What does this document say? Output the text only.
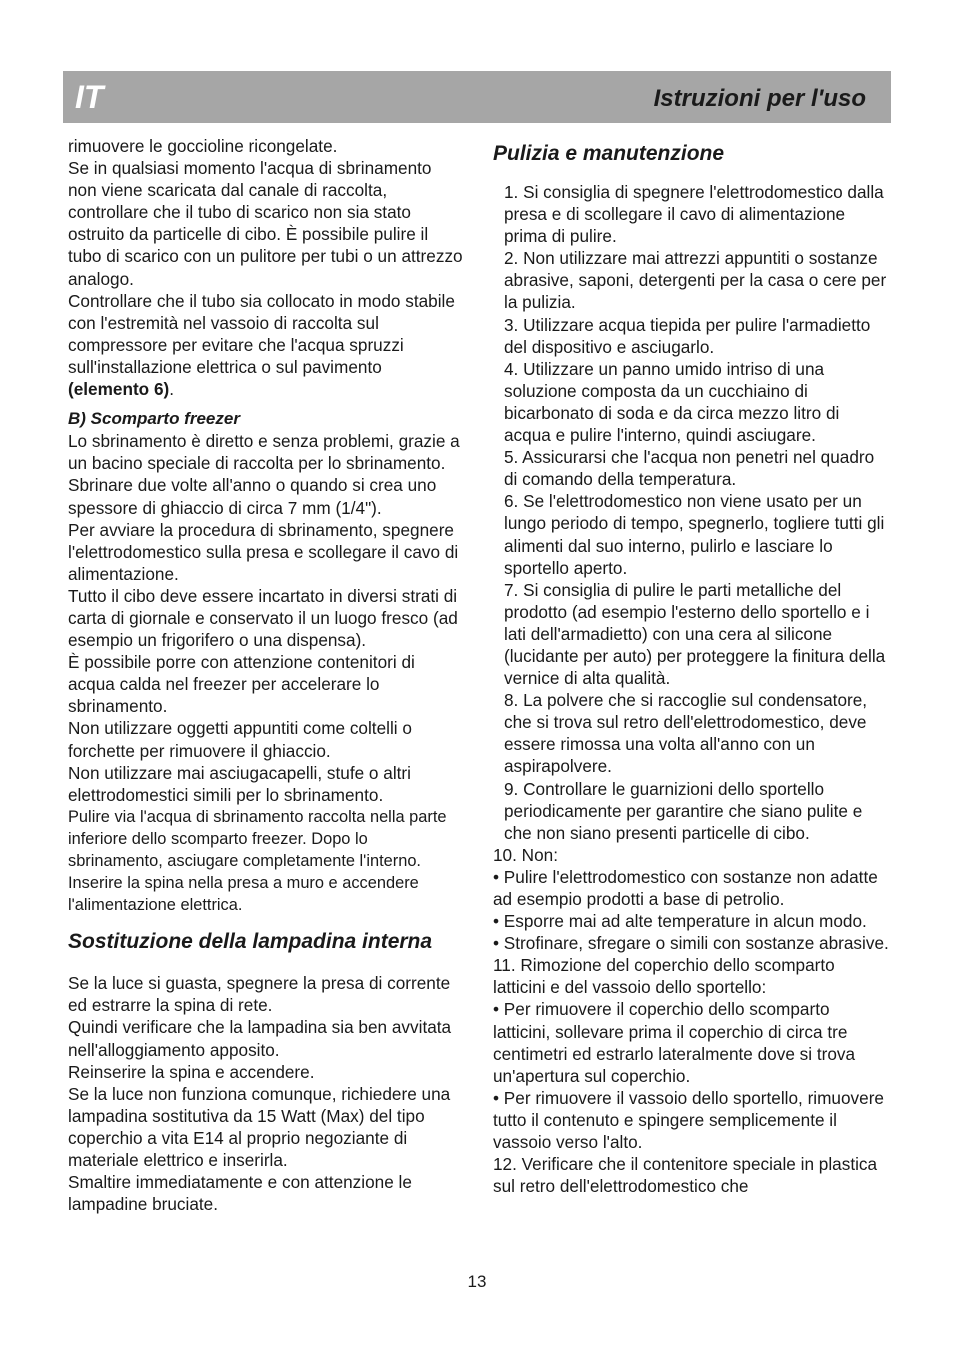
IT	Istruzioni per l'uso

rimuovere le goccioline ricongelate.

Se in qualsiasi momento l'acqua di sbrinamento non viene scaricata dal canale di raccolta, controllare che il tubo di scarico non sia stato ostruito da particelle di cibo. È possibile pulire il tubo di scarico con un pulitore per tubi o un attrezzo analogo.

Controllare che il tubo sia collocato in modo stabile con l'estremità nel vassoio di raccolta sul compressore per evitare che l'acqua spruzzi sull'installazione elettrica o sul pavimento (elemento 6).

B) Scomparto freezer

Lo sbrinamento è diretto e senza problemi, grazie a un bacino speciale di raccolta per lo sbrinamento.

Sbrinare due volte all'anno o quando si crea uno spessore di ghiaccio di circa 7 mm (1/4").

Per avviare la procedura di sbrinamento, spegnere l'elettrodomestico sulla presa e scollegare il cavo di alimentazione.

Tutto il cibo deve essere incartato in diversi strati di carta di giornale e conservato il un luogo fresco (ad esempio un frigorifero o una dispensa).

È possibile porre con attenzione contenitori di acqua calda nel freezer per accelerare lo sbrinamento.

Non utilizzare oggetti appuntiti come coltelli o forchette per rimuovere il ghiaccio.

Non utilizzare mai asciugacapelli, stufe o altri elettrodomestici simili per lo sbrinamento.

Pulire via l'acqua di sbrinamento raccolta nella parte inferiore dello scomparto freezer. Dopo lo sbrinamento, asciugare completamente l'interno. Inserire la spina nella presa a muro e accendere l'alimentazione elettrica.

Sostituzione della lampadina interna

Se la luce si guasta, spegnere la presa di corrente ed estrarre la spina di rete.

Quindi verificare che la lampadina sia ben avvitata nell'alloggiamento apposito.

Reinserire la spina e accendere.

Se la luce non funziona comunque, richiedere una lampadina sostitutiva da 15 Watt (Max) del tipo coperchio a vita E14 al proprio negoziante di materiale elettrico e inserirla.

Smaltire immediatamente e con attenzione le lampadine bruciate.

Pulizia e manutenzione

1. Si consiglia di spegnere l'elettrodomestico dalla presa e di scollegare il cavo di alimentazione prima di pulire.

2. Non utilizzare mai attrezzi appuntiti o sostanze abrasive, saponi, detergenti per la casa o cere per la pulizia.

3. Utilizzare acqua tiepida per pulire l'armadietto del dispositivo e asciugarlo.

4. Utilizzare un panno umido intriso di una soluzione composta da un cucchiaino di bicarbonato di soda e da circa mezzo litro di acqua e pulire l'interno, quindi asciugare.

5. Assicurarsi che l'acqua non penetri nel quadro di comando della temperatura.

6. Se l'elettrodomestico non viene usato per un lungo periodo di tempo, spegnerlo, togliere tutti gli alimenti dal suo interno, pulirlo e lasciare lo sportello aperto.

7. Si consiglia di pulire le parti metalliche del prodotto (ad esempio l'esterno dello sportello e i lati dell'armadietto) con una cera al silicone (lucidante per auto) per proteggere la finitura della vernice di alta qualità.

8. La polvere che si raccoglie sul condensatore, che si trova sul retro dell'elettrodomestico, deve essere rimossa una volta all'anno con un aspirapolvere.

9. Controllare le guarnizioni dello sportello periodicamente per garantire che siano pulite e che non siano presenti particelle di cibo.

10. Non:

• Pulire l'elettrodomestico con sostanze non adatte ad esempio prodotti a base di petrolio.

• Esporre mai ad alte temperature in alcun modo.

• Strofinare, sfregare o simili con sostanze abrasive.

11. Rimozione del coperchio dello scomparto latticini e del vassoio dello sportello:

• Per rimuovere il coperchio dello scomparto latticini, sollevare prima il coperchio di circa tre centimetri ed estrarlo lateralmente dove si trova un'apertura sul coperchio.

• Per rimuovere il vassoio dello sportello, rimuovere tutto il contenuto e spingere semplicemente il vassoio verso l'alto.

12. Verificare che il contenitore speciale in plastica sul retro dell'elettrodomestico che

13
